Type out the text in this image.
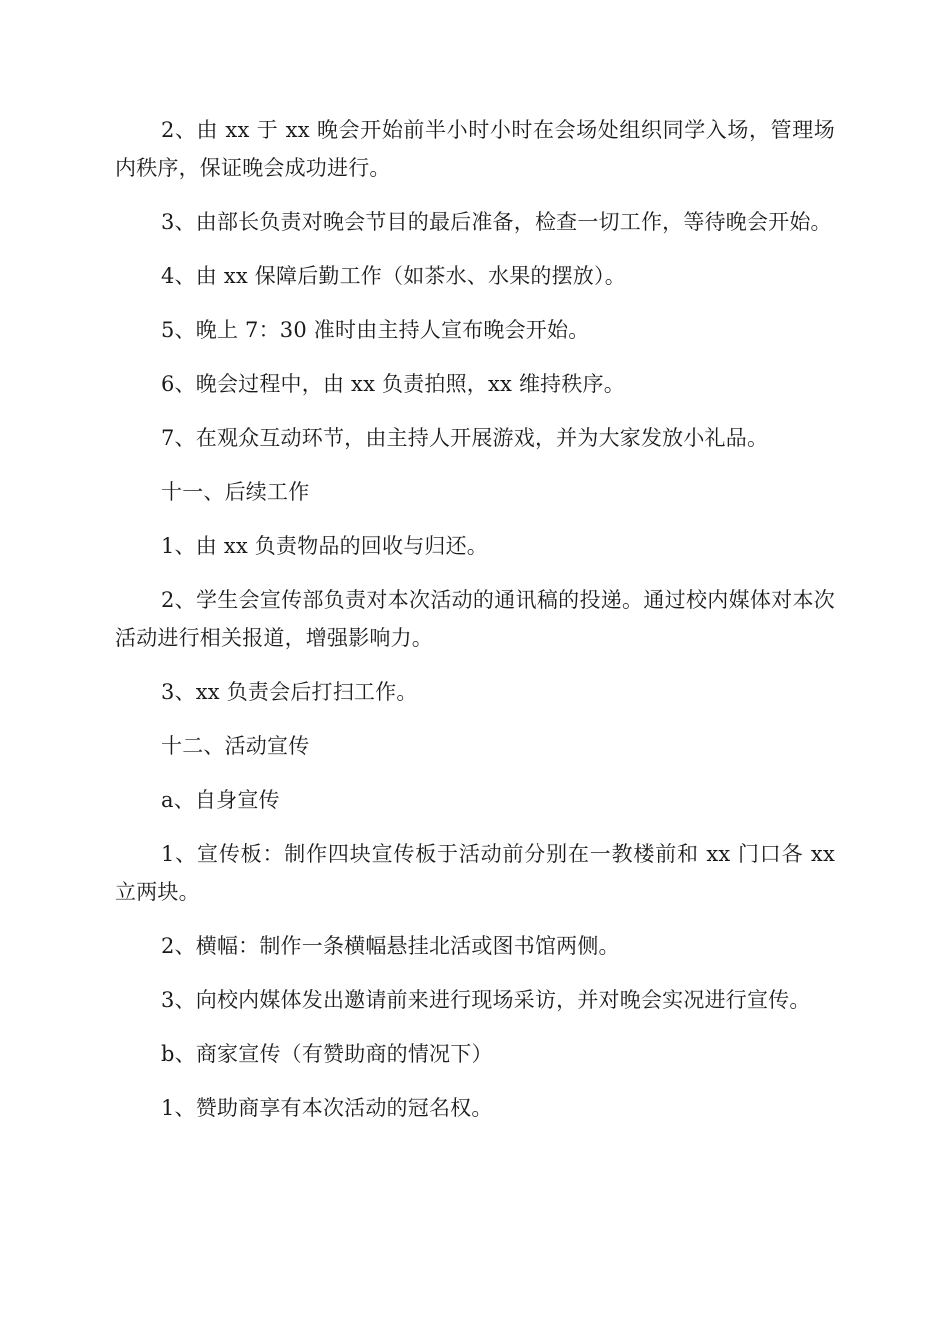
2、由 xx 于 xx 晚会开始前半小时小时在会场处组织同学入场，管理场内秩序，保证晚会成功进行。

3、由部长负责对晚会节目的最后准备，检查一切工作，等待晚会开始。

4、由 xx 保障后勤工作（如茶水、水果的摆放）。

5、晚上 7：30 准时由主持人宣布晚会开始。

6、晚会过程中，由 xx 负责拍照，xx 维持秩序。

7、在观众互动环节，由主持人开展游戏，并为大家发放小礼品。

十一、后续工作

1、由 xx 负责物品的回收与归还。

2、学生会宣传部负责对本次活动的通讯稿的投递。通过校内媒体对本次活动进行相关报道，增强影响力。

3、xx 负责会后打扫工作。

十二、活动宣传

a、自身宣传

1、宣传板：制作四块宣传板于活动前分别在一教楼前和 xx 门口各 xx 立两块。

2、横幅：制作一条横幅悬挂北活或图书馆两侧。

3、向校内媒体发出邀请前来进行现场采访，并对晚会实况进行宣传。

b、商家宣传（有赞助商的情况下）

1、赞助商享有本次活动的冠名权。
